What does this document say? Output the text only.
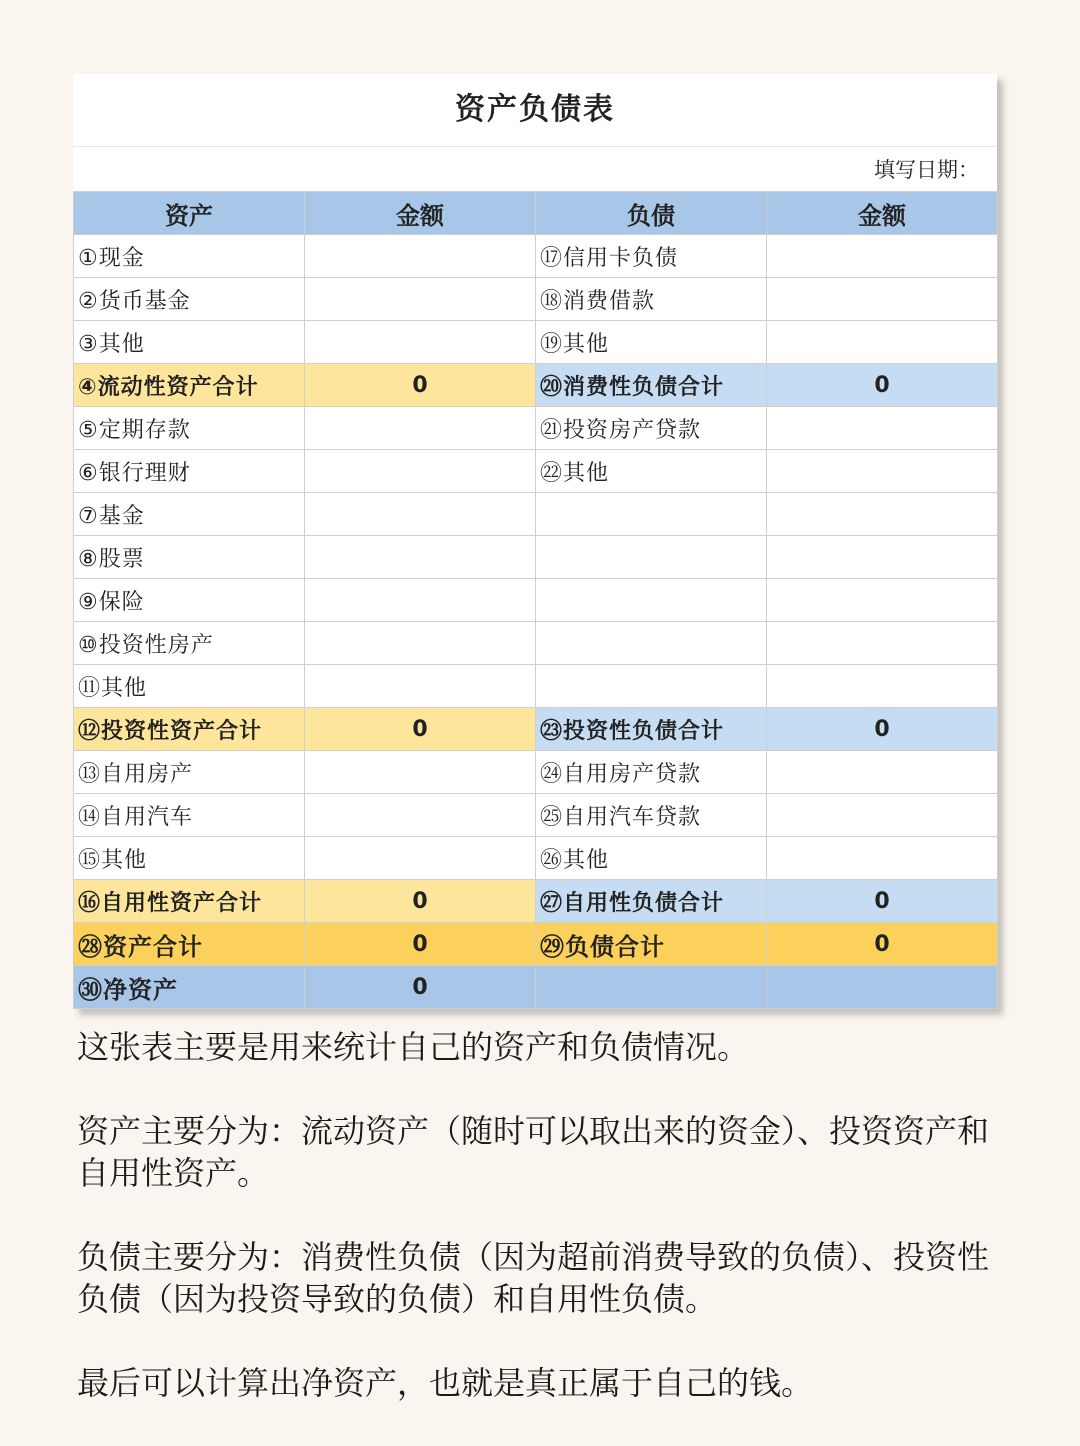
资产负债表
填写日期：
资产	金额	负债	金额
①现金		⑰信用卡负债	
②货币基金		⑱消费借款	
③其他		⑲其他	
④流动性资产合计	0	⑳消费性负债合计	0
⑤定期存款		㉑投资房产贷款	
⑥银行理财		㉒其他	
⑦基金			
⑧股票			
⑨保险			
⑩投资性房产			
⑪其他			
⑫投资性资产合计	0	㉓投资性负债合计	0
⑬自用房产		㉔自用房产贷款	
⑭自用汽车		㉕自用汽车贷款	
⑮其他		㉖其他	
⑯自用性资产合计	0	㉗自用性负债合计	0
㉘资产合计	0	㉙负债合计	0
㉚净资产	0		

这张表主要是用来统计自己的资产和负债情况。

资产主要分为：流动资产（随时可以取出来的资金）、投资资产和自用性资产。

负债主要分为：消费性负债（因为超前消费导致的负债）、投资性负债（因为投资导致的负债）和自用性负债。

最后可以计算出净资产，也就是真正属于自己的钱。
